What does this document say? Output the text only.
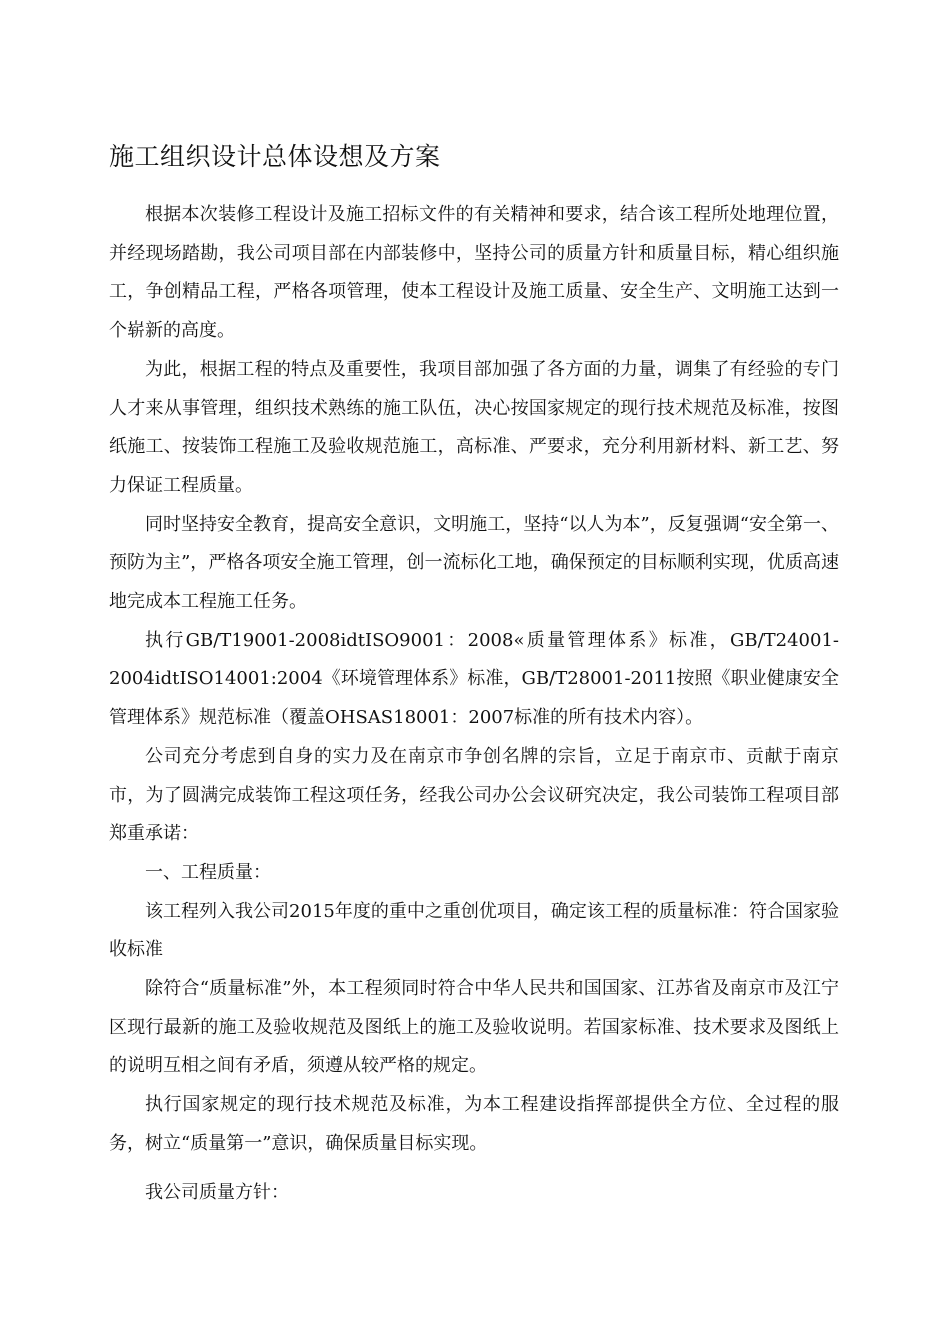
施工组织设计总体设想及方案

根据本次装修工程设计及施工招标文件的有关精神和要求，结合该工程所处地理位置，并经现场踏勘，我公司项目部在内部装修中，坚持公司的质量方针和质量目标，精心组织施工，争创精品工程，严格各项管理，使本工程设计及施工质量、安全生产、文明施工达到一个崭新的高度。

为此，根据工程的特点及重要性，我项目部加强了各方面的力量，调集了有经验的专门人才来从事管理，组织技术熟练的施工队伍，决心按国家规定的现行技术规范及标准，按图纸施工、按装饰工程施工及验收规范施工，高标准、严要求，充分利用新材料、新工艺、努力保证工程质量。

同时坚持安全教育，提高安全意识，文明施工，坚持“以人为本”，反复强调“安全第一、预防为主”，严格各项安全施工管理，创一流标化工地，确保预定的目标顺利实现，优质高速地完成本工程施工任务。

执行GB/T19001-2008idtISO9001：2008«质量管理体系》标准，GB/T24001-2004idtISO14001:2004《环境管理体系》标准，GB/T28001-2011按照《职业健康安全管理体系》规范标准（覆盖OHSAS18001：2007标准的所有技术内容）。

公司充分考虑到自身的实力及在南京市争创名牌的宗旨，立足于南京市、贡献于南京市，为了圆满完成装饰工程这项任务，经我公司办公会议研究决定，我公司装饰工程项目部郑重承诺：

一、工程质量：

该工程列入我公司2015年度的重中之重创优项目，确定该工程的质量标准：符合国家验收标准

除符合“质量标准”外，本工程须同时符合中华人民共和国国家、江苏省及南京市及江宁区现行最新的施工及验收规范及图纸上的施工及验收说明。若国家标准、技术要求及图纸上的说明互相之间有矛盾，须遵从较严格的规定。

执行国家规定的现行技术规范及标准，为本工程建设指挥部提供全方位、全过程的服务，树立“质量第一”意识，确保质量目标实现。

我公司质量方针：
